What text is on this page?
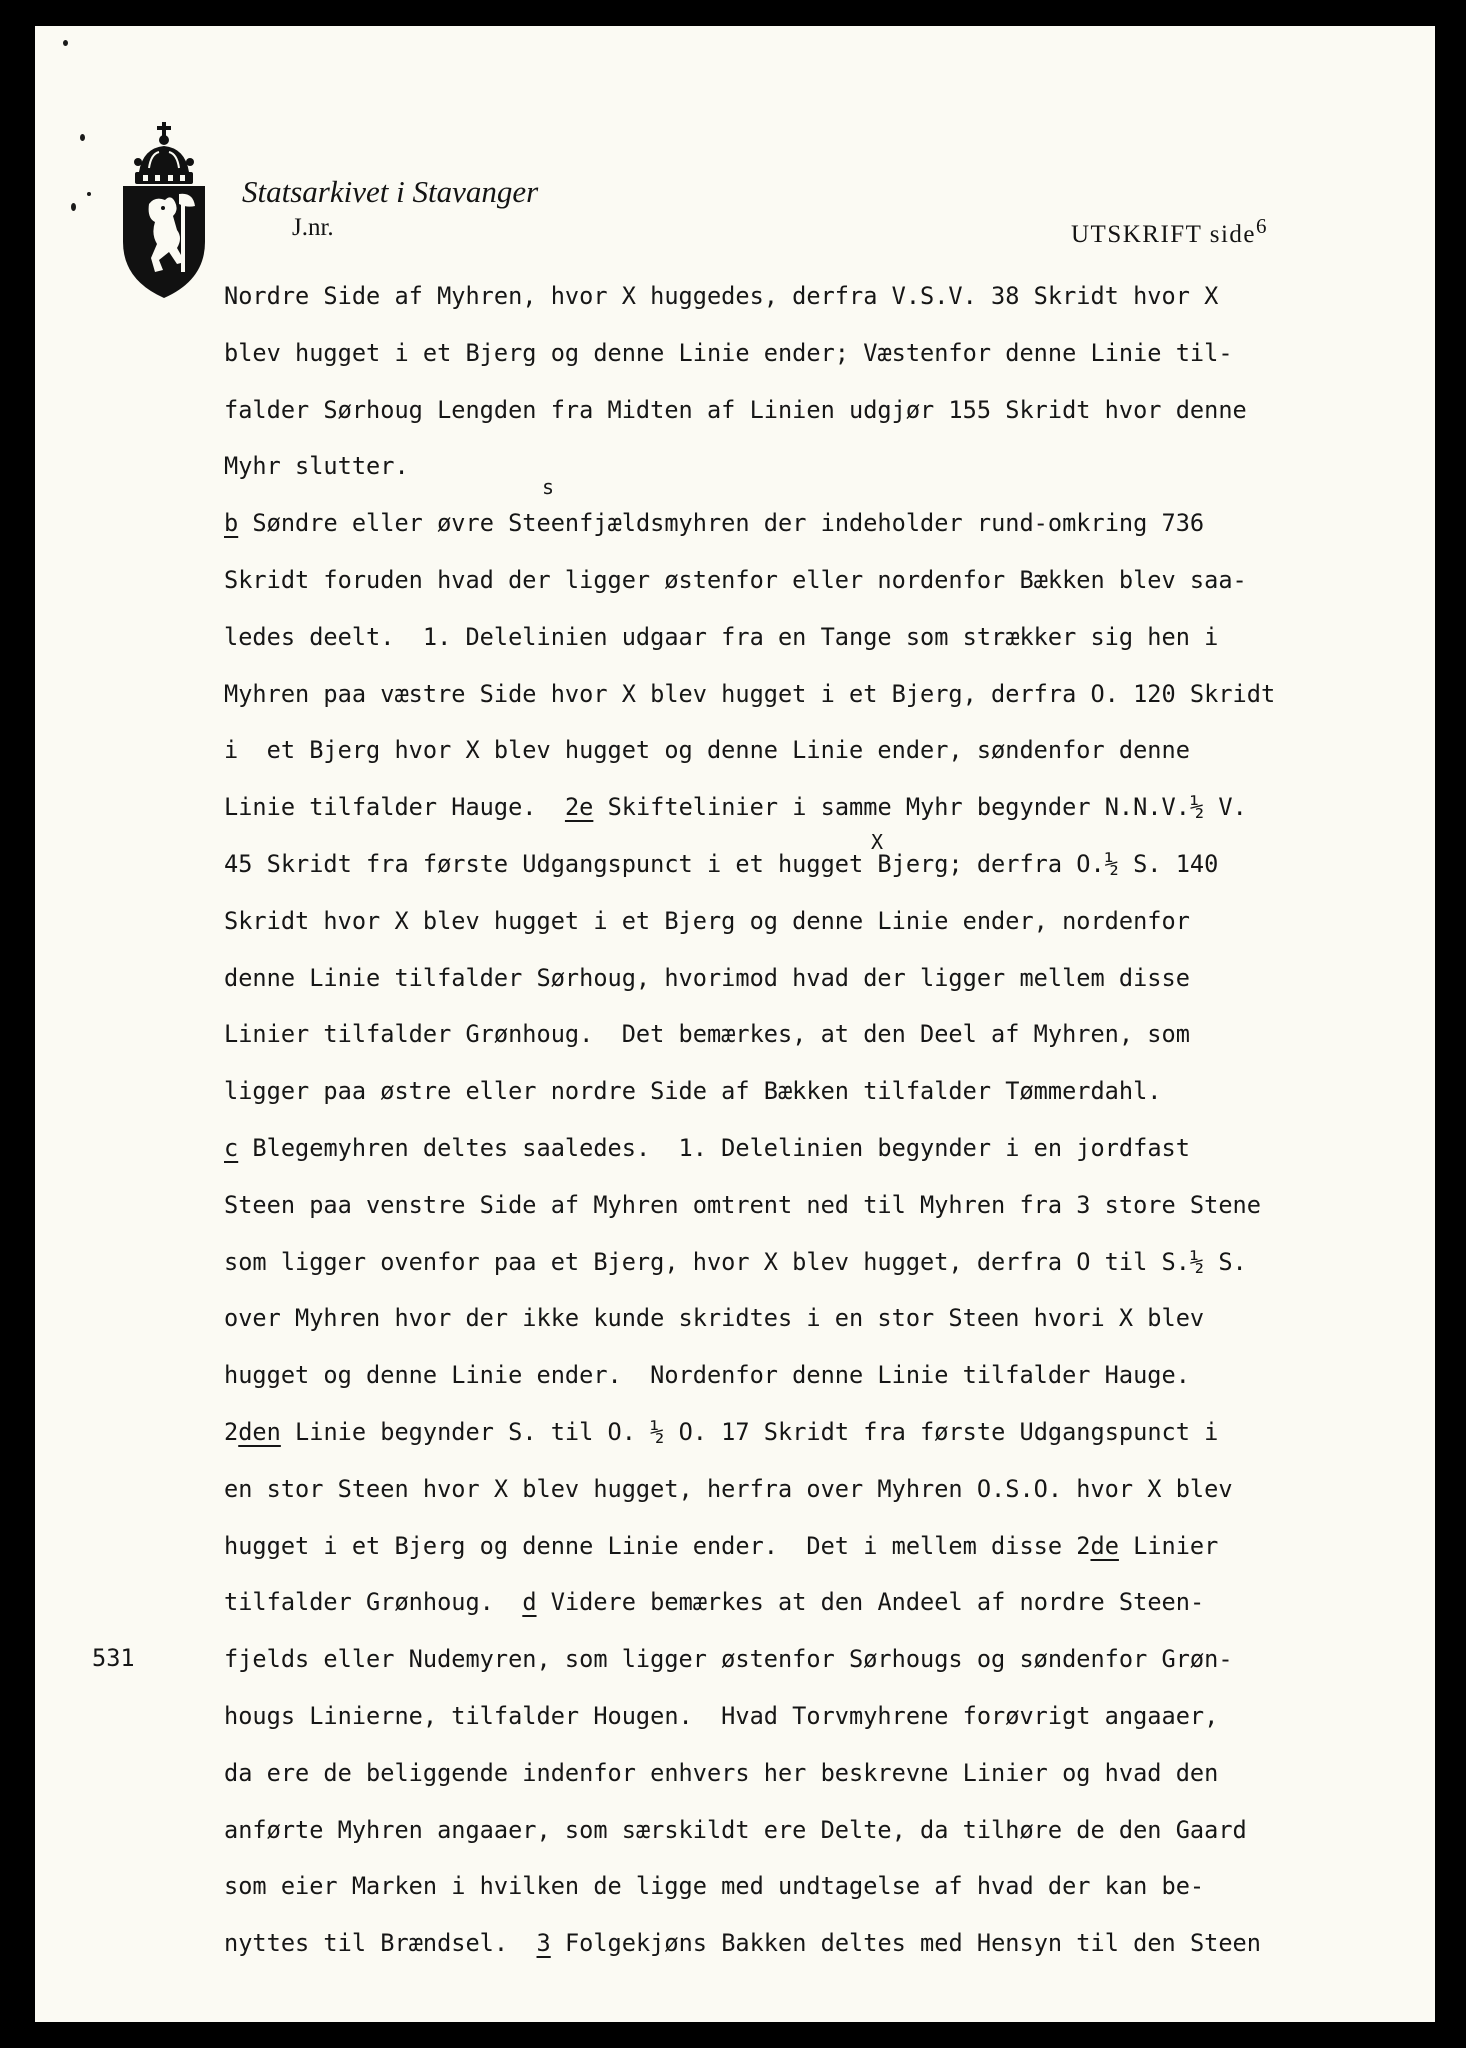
Statsarkivet i Stavanger
J.nr.	UTSKRIFT side$^6$
s
X
531
Nordre Side af Myhren, hvor X huggedes, derfra V.S.V. 38 Skridt hvor X
blev hugget i et Bjerg og denne Linie ender; Væstenfor denne Linie til-
falder Sørhoug Lengden fra Midten af Linien udgjør 155 Skridt hvor denne
Myhr slutter.
b Søndre eller øvre Steenfjældsmyhren der indeholder rund-omkring 736
Skridt foruden hvad der ligger østenfor eller nordenfor Bækken blev saa-
ledes deelt.  1. Delelinien udgaar fra en Tange som strækker sig hen i
Myhren paa væstre Side hvor X blev hugget i et Bjerg, derfra O. 120 Skridt
i  et Bjerg hvor X blev hugget og denne Linie ender, søndenfor denne
Linie tilfalder Hauge. 2e Skiftelinier i samme Myhr begynder N.N.V.½ V.
45 Skridt fra første Udgangspunct i et hugget Bjerg; derfra O.½ S. 140
Skridt hvor X blev hugget i et Bjerg og denne Linie ender, nordenfor
denne Linie tilfalder Sørhoug, hvorimod hvad der ligger mellem disse
Linier tilfalder Grønhoug.  Det bemærkes, at den Deel af Myhren, som
ligger paa østre eller nordre Side af Bækken tilfalder Tømmerdahl.
c Blegemyhren deltes saaledes.  1. Delelinien begynder i en jordfast
Steen paa venstre Side af Myhren omtrent ned til Myhren fra 3 store Stene
som ligger ovenfor paa et Bjerg, hvor X blev hugget, derfra O til S.½ S.
over Myhren hvor der ikke kunde skridtes i en stor Steen hvori X blev
hugget og denne Linie ender.  Nordenfor denne Linie tilfalder Hauge.
2den Linie begynder S. til O. ½ O. 17 Skridt fra første Udgangspunct i
en stor Steen hvor X blev hugget, herfra over Myhren O.S.O. hvor X blev
hugget i et Bjerg og denne Linie ender.  Det i mellem disse 2de Linier
tilfalder Grønhoug.  d Videre bemærkes at den Andeel af nordre Steen-
fjelds eller Nudemyren, som ligger østenfor Sørhougs og søndenfor Grøn-
hougs Linierne, tilfalder Hougen.  Hvad Torvmyhrene forøvrigt angaaer,
da ere de beliggende indenfor enhvers her beskrevne Linier og hvad den
anførte Myhren angaaer, som særskildt ere Delte, da tilhøre de den Gaard
som eier Marken i hvilken de ligge med undtagelse af hvad der kan be-
nyttes til Brændsel.  3 Folgekjøns Bakken deltes med Hensyn til den Steen
